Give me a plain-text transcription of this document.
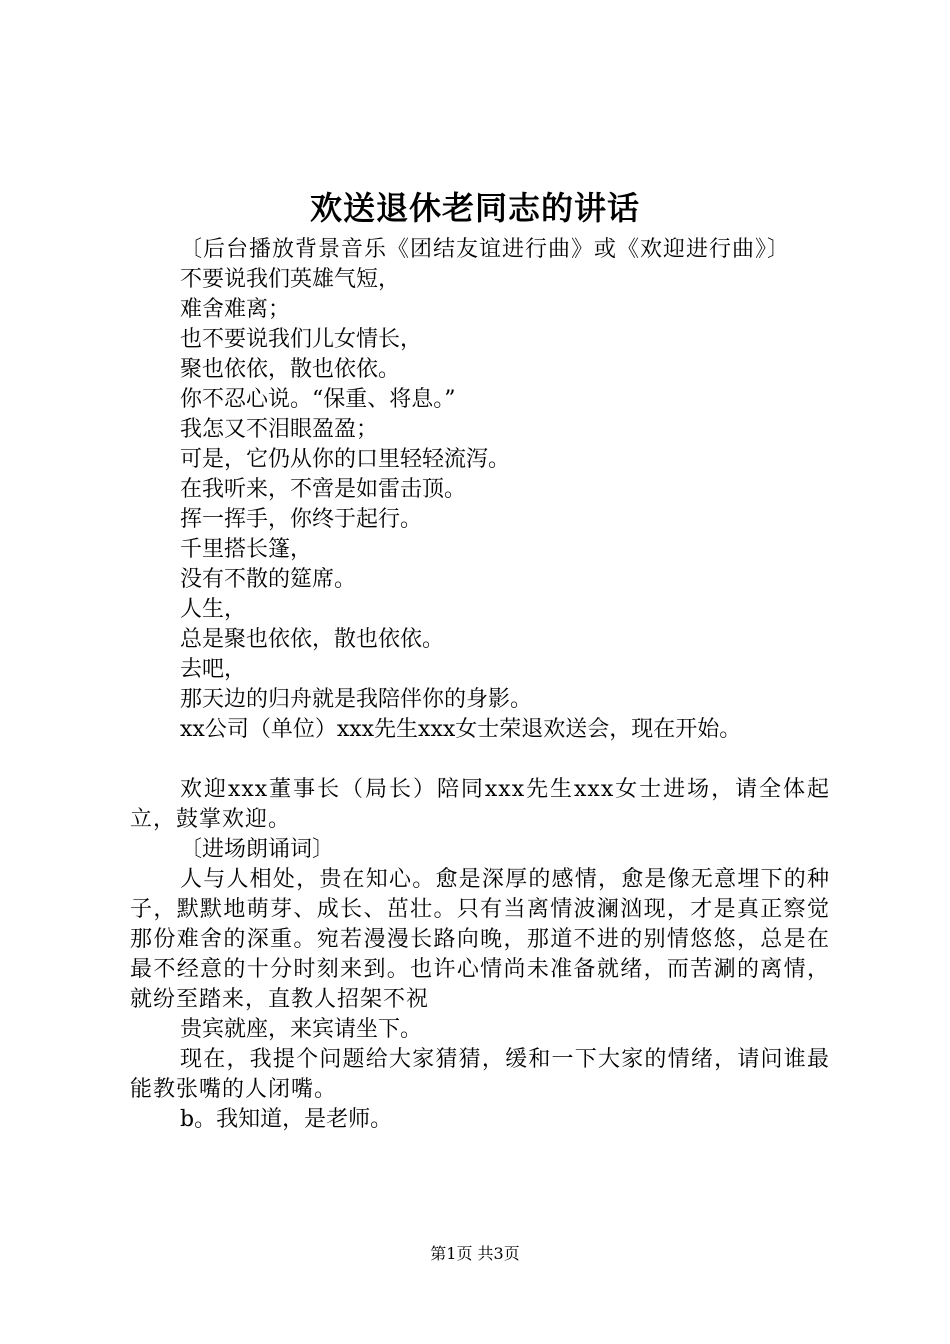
欢送退休老同志的讲话
〔后台播放背景音乐《团结友谊进行曲》或《欢迎进行曲》〕
不要说我们英雄气短，
难舍难离；
也不要说我们儿女情长，
聚也依依，散也依依。
你不忍心说。“保重、将息。”
我怎又不泪眼盈盈；
可是，它仍从你的口里轻轻流泻。
在我听来，不啻是如雷击顶。
挥一挥手，你终于起行。
千里搭长篷，
没有不散的筵席。
人生，
总是聚也依依，散也依依。
去吧，
那天边的归舟就是我陪伴你的身影。
xx公司（单位）xxx先生xxx女士荣退欢送会，现在开始。
欢迎xxx董事长（局长）陪同xxx先生xxx女士进场，请全体起立，鼓掌欢迎。
〔进场朗诵词〕
人与人相处，贵在知心。愈是深厚的感情，愈是像无意埋下的种子，默默地萌芽、成长、茁壮。只有当离情波澜汹现，才是真正察觉那份难舍的深重。宛若漫漫长路向晚，那道不进的别情悠悠，总是在最不经意的十分时刻来到。也许心情尚未准备就绪，而苦涮的离情，就纷至踏来，直教人招架不祝
贵宾就座，来宾请坐下。
现在，我提个问题给大家猜猜，缓和一下大家的情绪，请问谁最能教张嘴的人闭嘴。
b。我知道，是老师。
第1页 共3页
